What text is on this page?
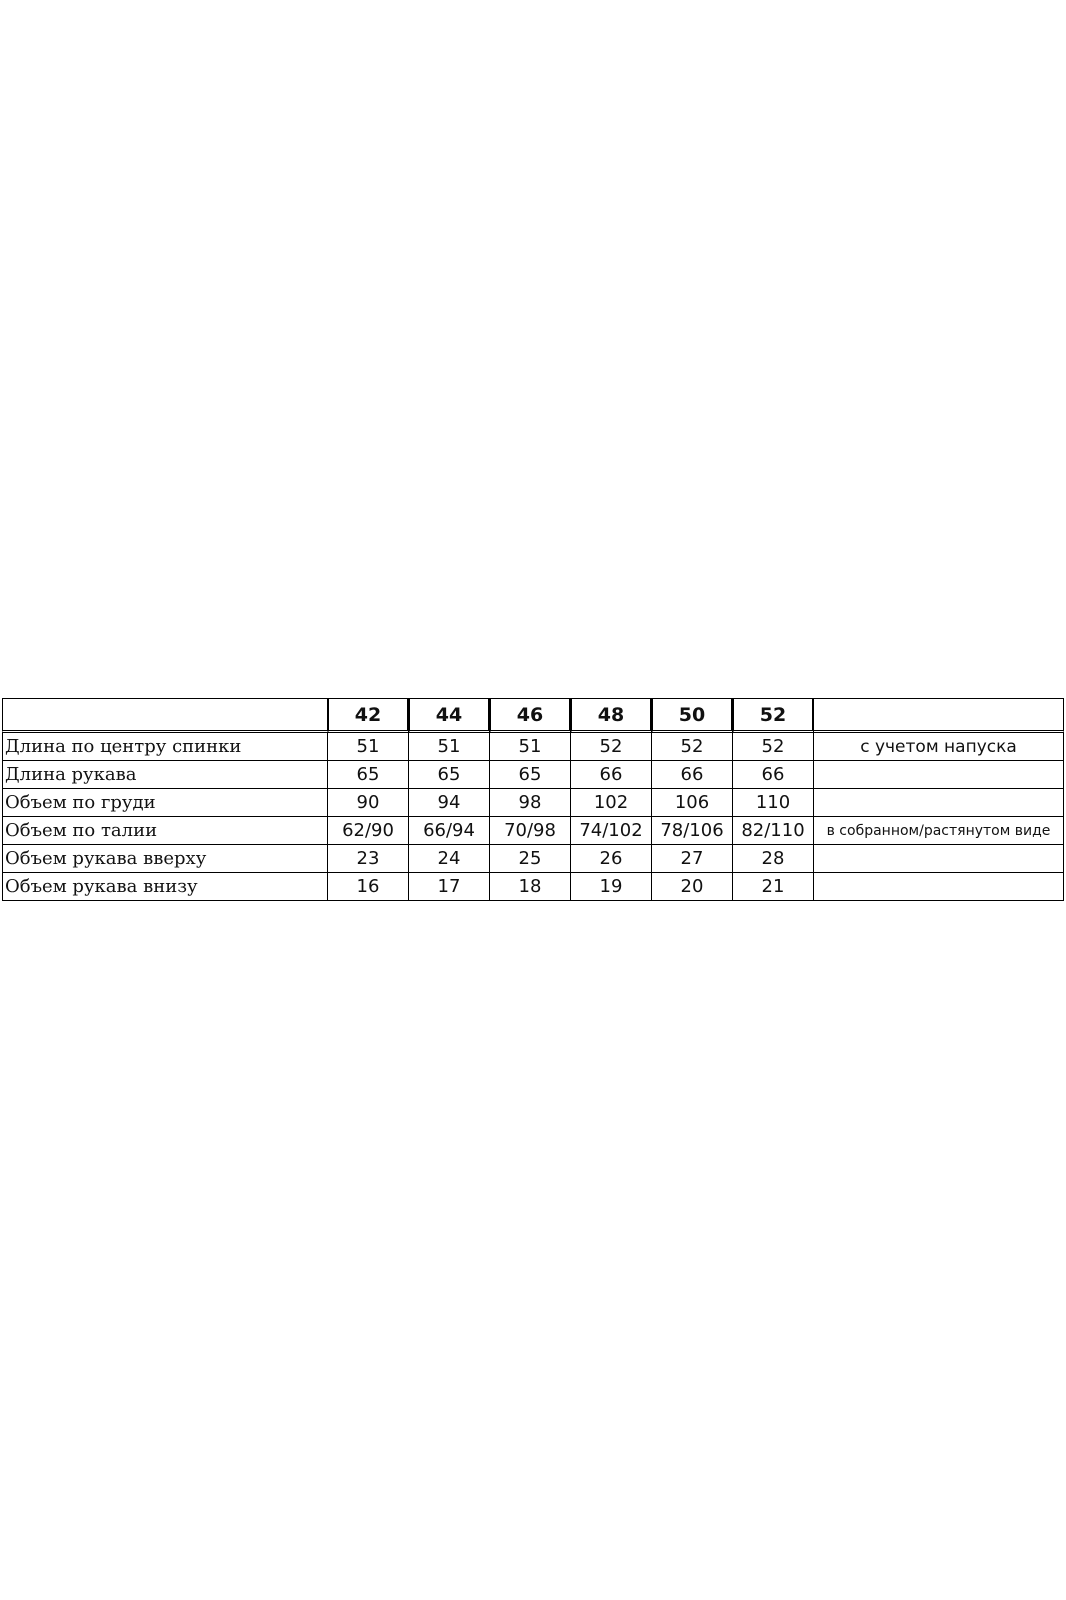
	42	44	46	48	50	52	
Длина по центру спинки	51	51	51	52	52	52	с учетом напуска
Длина рукава	65	65	65	66	66	66	
Объем по груди	90	94	98	102	106	110	
Объем по талии	62/90	66/94	70/98	74/102	78/106	82/110	в собранном/растянутом виде
Объем рукава вверху	23	24	25	26	27	28	
Объем рукава внизу	16	17	18	19	20	21	
